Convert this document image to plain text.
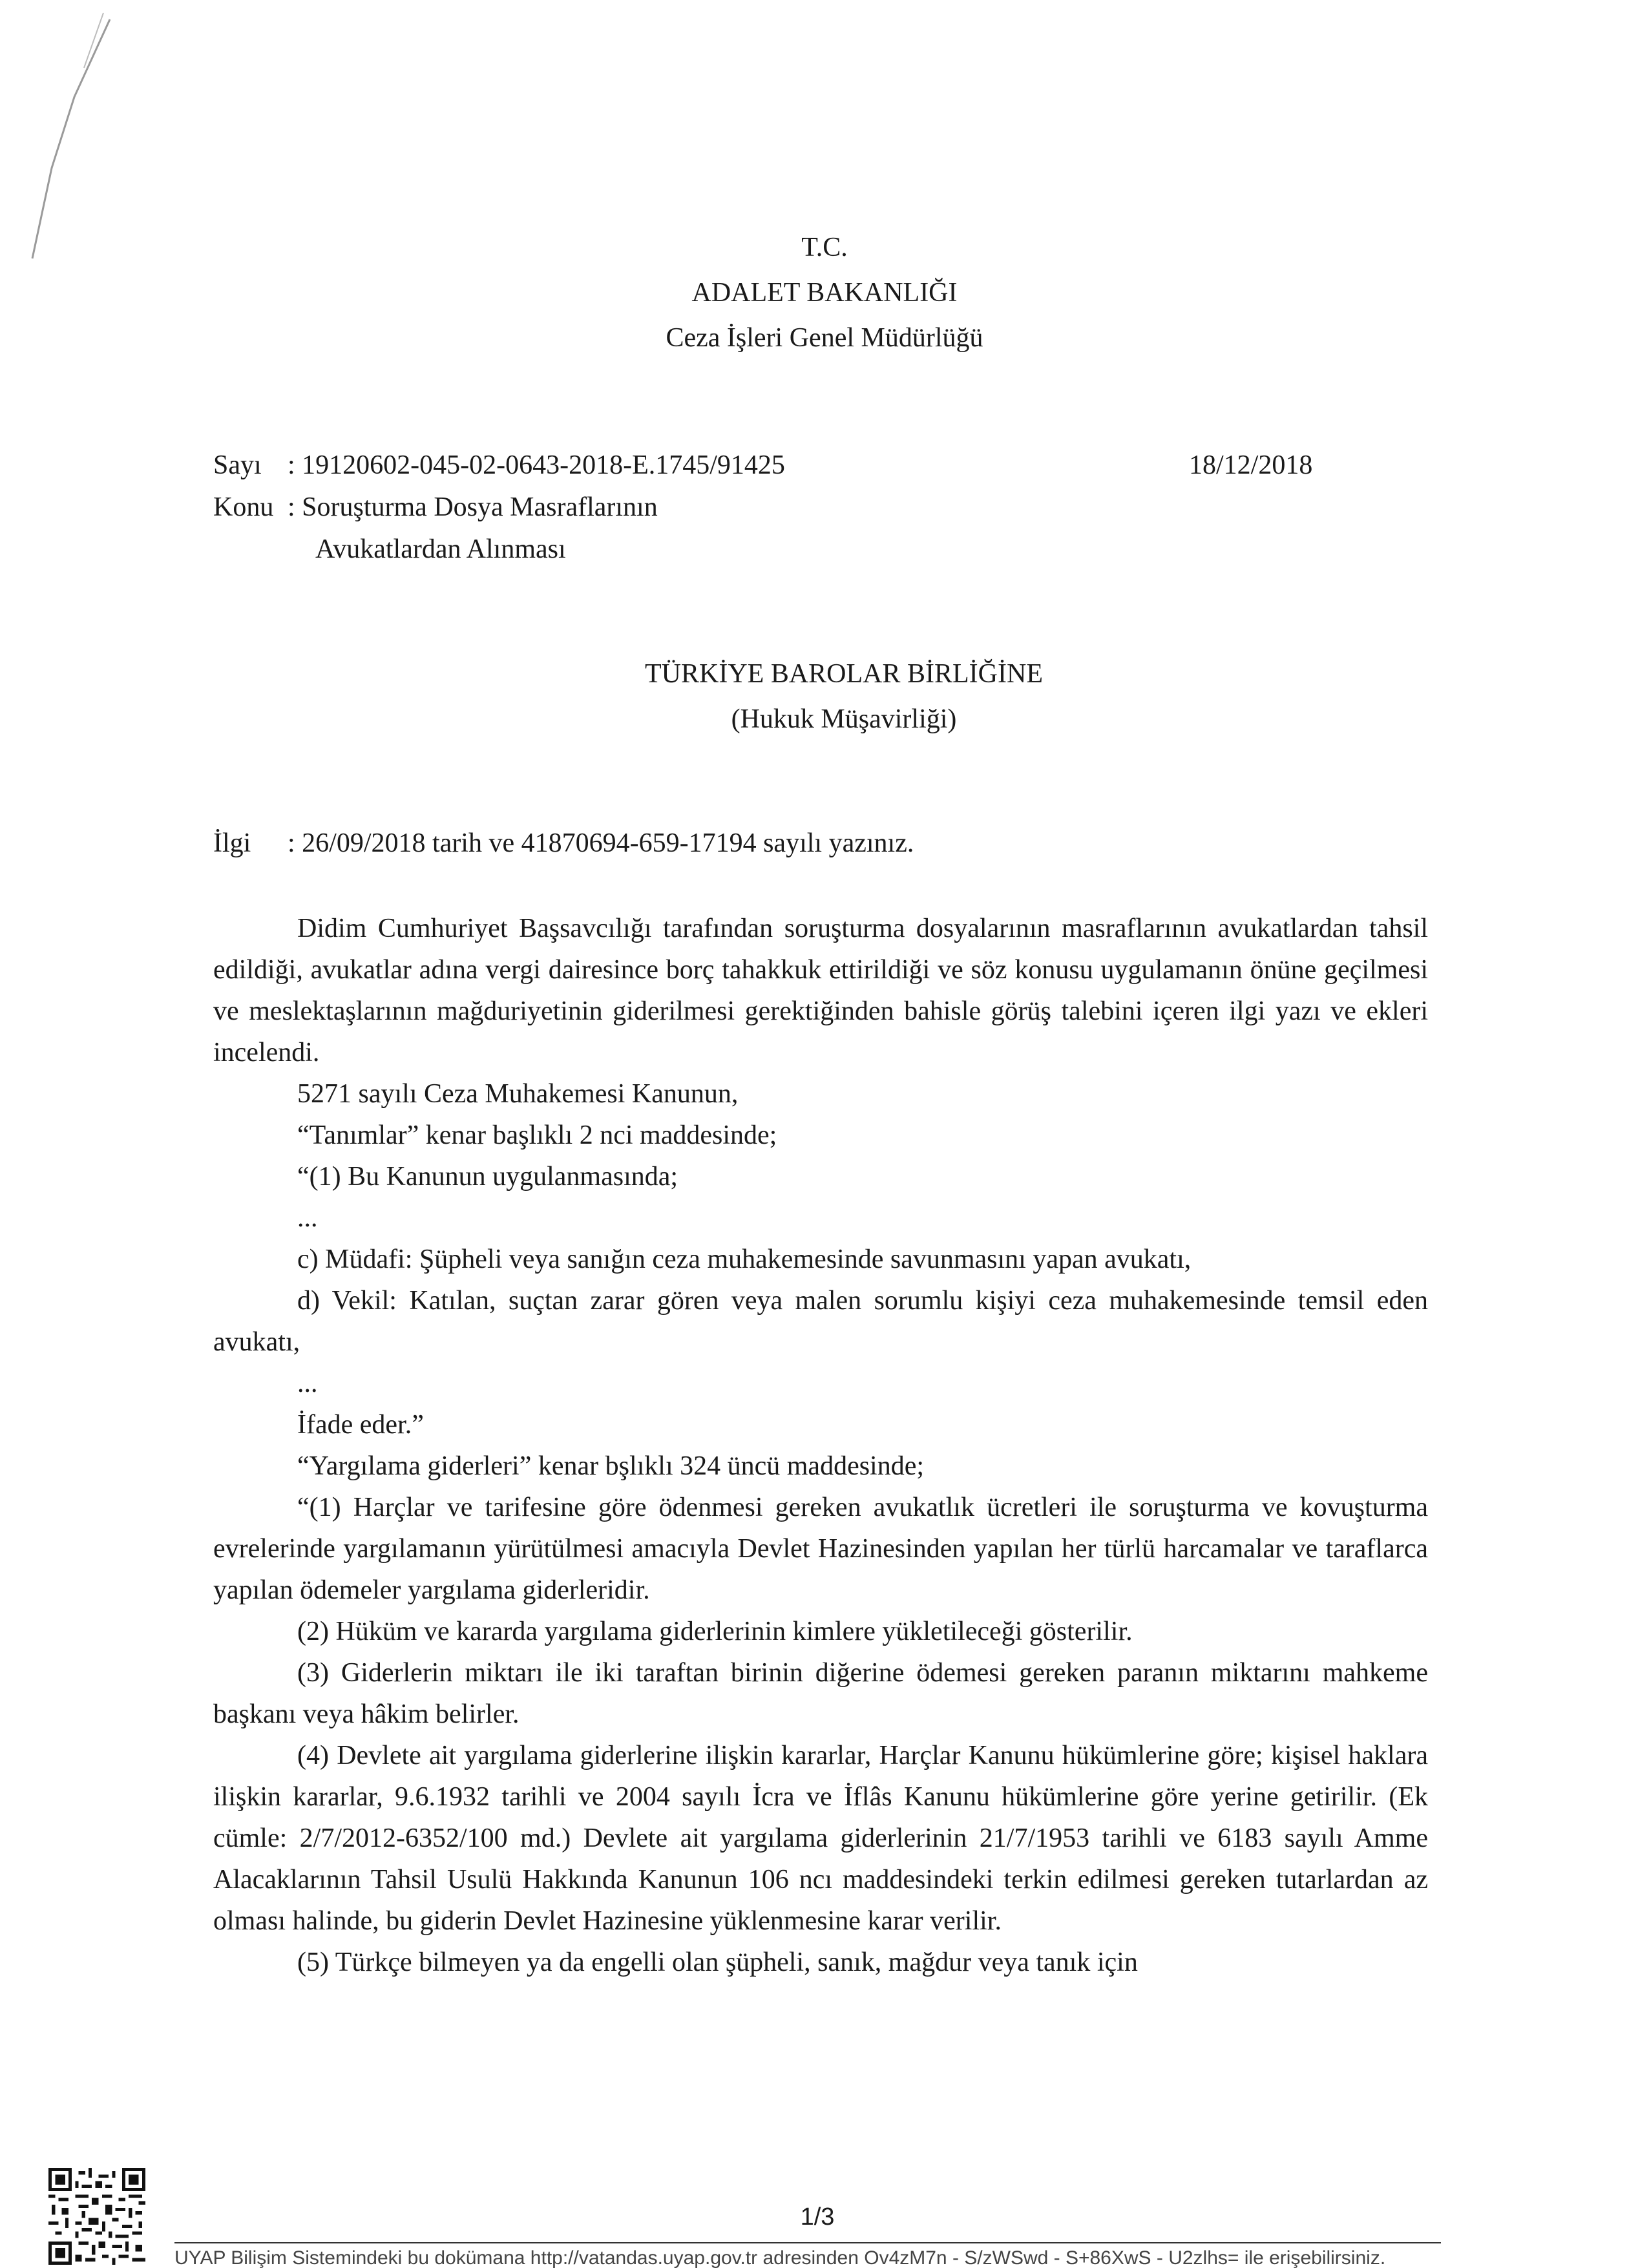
T.C.
ADALET BAKANLIĞI
Ceza İşleri Genel Müdürlüğü
Sayı : 19120602-045-02-0643-2018-E.1745/91425	18/12/2018
Konu : Soruşturma Dosya Masraflarının
Avukatlardan Alınması
TÜRKİYE BAROLAR BİRLİĞİNE
(Hukuk Müşavirliği)
İlgi : 26/09/2018 tarih ve 41870694-659-17194 sayılı yazınız.

Didim Cumhuriyet Başsavcılığı tarafından soruşturma dosyalarının masraflarının avukatlardan tahsil edildiği, avukatlar adına vergi dairesince borç tahakkuk ettirildiği ve söz konusu uygulamanın önüne geçilmesi ve meslektaşlarının mağduriyetinin giderilmesi gerektiğinden bahisle görüş talebini içeren ilgi yazı ve ekleri incelendi.

5271 sayılı Ceza Muhakemesi Kanunun,

“Tanımlar” kenar başlıklı 2 nci maddesinde;

“(1) Bu Kanunun uygulanmasında;

...

c) Müdafi: Şüpheli veya sanığın ceza muhakemesinde savunmasını yapan avukatı,

d) Vekil: Katılan, suçtan zarar gören veya malen sorumlu kişiyi ceza muhakemesinde temsil eden avukatı,

...

İfade eder.”

“Yargılama giderleri” kenar bşlıklı 324 üncü maddesinde;

“(1) Harçlar ve tarifesine göre ödenmesi gereken avukatlık ücretleri ile soruşturma ve kovuşturma evrelerinde yargılamanın yürütülmesi amacıyla Devlet Hazinesinden yapılan her türlü harcamalar ve taraflarca yapılan ödemeler yargılama giderleridir.

(2) Hüküm ve kararda yargılama giderlerinin kimlere yükletileceği gösterilir.

(3) Giderlerin miktarı ile iki taraftan birinin diğerine ödemesi gereken paranın miktarını mahkeme başkanı veya hâkim belirler.

(4) Devlete ait yargılama giderlerine ilişkin kararlar, Harçlar Kanunu hükümlerine göre; kişisel haklara ilişkin kararlar, 9.6.1932 tarihli ve 2004 sayılı İcra ve İflâs Kanunu hükümlerine göre yerine getirilir. (Ek cümle: 2/7/2012-6352/100 md.) Devlete ait yargılama giderlerinin 21/7/1953 tarihli ve 6183 sayılı Amme Alacaklarının Tahsil Usulü Hakkında Kanunun 106 ncı maddesindeki terkin edilmesi gereken tutarlardan az olması halinde, bu giderin Devlet Hazinesine yüklenmesine karar verilir.

(5) Türkçe bilmeyen ya da engelli olan şüpheli, sanık, mağdur veya tanık için

1/3
UYAP Bilişim Sistemindeki bu dokümana http://vatandas.uyap.gov.tr adresinden Ov4zM7n - S/zWSwd - S+86XwS - U2zlhs= ile erişebilirsiniz.
